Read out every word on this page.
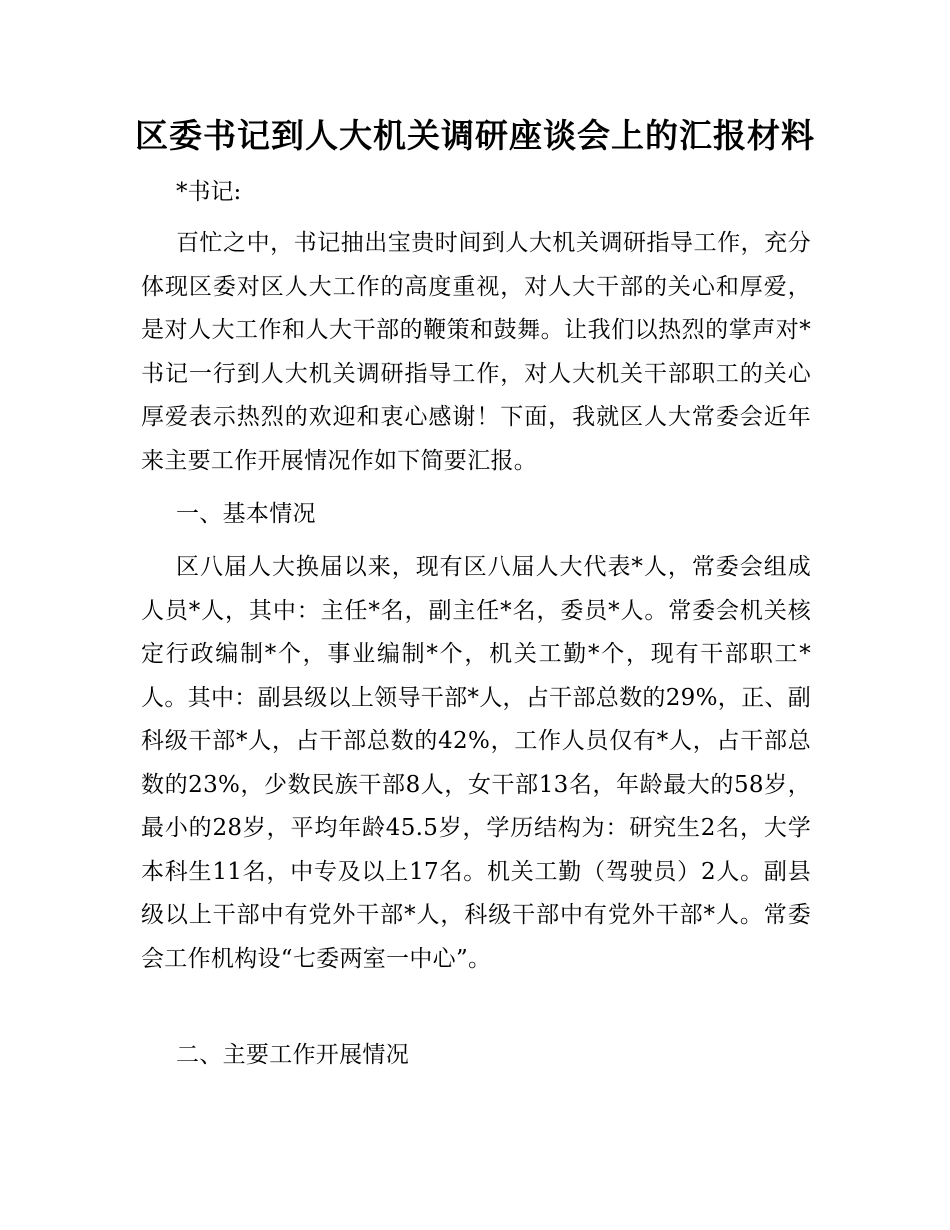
区委书记到人大机关调研座谈会上的汇报材料

*书记:

百忙之中，书记抽出宝贵时间到人大机关调研指导工作，充分体现区委对区人大工作的高度重视，对人大干部的关心和厚爱，是对人大工作和人大干部的鞭策和鼓舞。让我们以热烈的掌声对*书记一行到人大机关调研指导工作，对人大机关干部职工的关心厚爱表示热烈的欢迎和衷心感谢！下面，我就区人大常委会近年来主要工作开展情况作如下简要汇报。

一、基本情况

区八届人大换届以来，现有区八届人大代表*人，常委会组成人员*人，其中：主任*名，副主任*名，委员*人。常委会机关核定行政编制*个，事业编制*个，机关工勤*个，现有干部职工*人。其中：副县级以上领导干部*人，占干部总数的29%，正、副科级干部*人，占干部总数的42%，工作人员仅有*人，占干部总数的23%，少数民族干部8人，女干部13名，年龄最大的58岁，最小的28岁，平均年龄45.5岁，学历结构为：研究生2名，大学本科生11名，中专及以上17名。机关工勤（驾驶员）2人。副县级以上干部中有党外干部*人，科级干部中有党外干部*人。常委会工作机构设“七委两室一中心”。

二、主要工作开展情况
